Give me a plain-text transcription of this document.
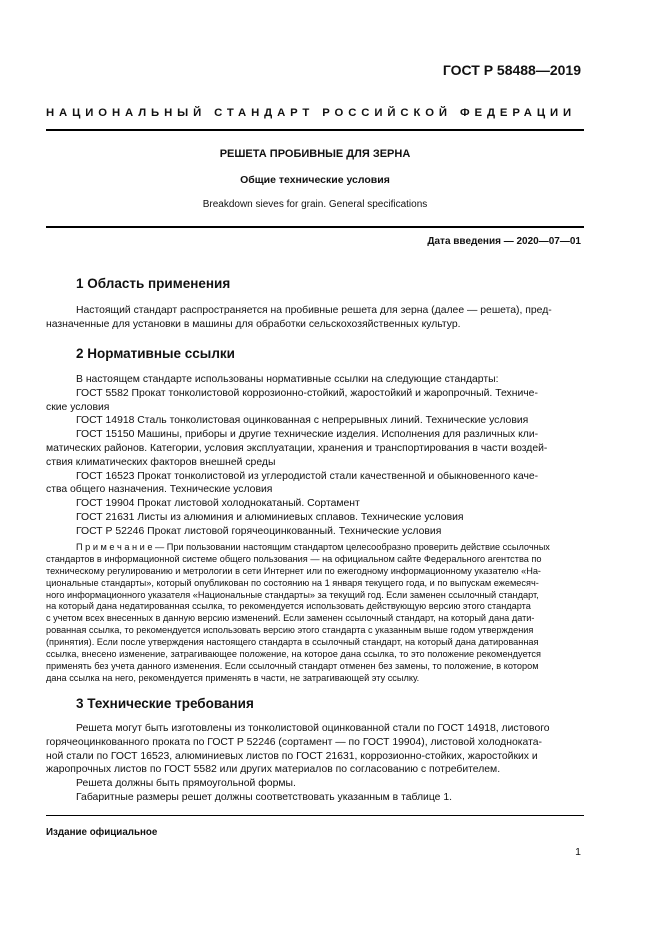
ГОСТ Р 58488—2019
НАЦИОНАЛЬНЫЙ СТАНДАРТ РОССИЙСКОЙ ФЕДЕРАЦИИ
РЕШЕТА ПРОБИВНЫЕ ДЛЯ ЗЕРНА
Общие технические условия
Breakdown sieves for grain. General specifications
Дата введения — 2020—07—01
1 Область применения
Настоящий стандарт распространяется на пробивные решета для зерна (далее — решета), пред-
назначенные для установки в машины для обработки сельскохозяйственных культур.
2 Нормативные ссылки
В настоящем стандарте использованы нормативные ссылки на следующие стандарты:
ГОСТ 5582 Прокат тонколистовой коррозионно-стойкий, жаростойкий и жаропрочный. Техниче-
ские условия
ГОСТ 14918 Сталь тонколистовая оцинкованная с непрерывных линий. Технические условия
ГОСТ 15150 Машины, приборы и другие технические изделия. Исполнения для различных кли-
матических районов. Категории, условия эксплуатации, хранения и транспортирования в части воздей-
ствия климатических факторов внешней среды
ГОСТ 16523 Прокат тонколистовой из углеродистой стали качественной и обыкновенного каче-
ства общего назначения. Технические условия
ГОСТ 19904 Прокат листовой холоднокатаный. Сортамент
ГОСТ 21631 Листы из алюминия и алюминиевых сплавов. Технические условия
ГОСТ Р 52246 Прокат листовой горячеоцинкованный. Технические условия
П р и м е ч а н и е — При пользовании настоящим стандартом целесообразно проверить действие ссылочных
стандартов в информационной системе общего пользования — на официальном сайте Федерального агентства по
техническому регулированию и метрологии в сети Интернет или по ежегодному информационному указателю «На-
циональные стандарты», который опубликован по состоянию на 1 января текущего года, и по выпускам ежемесяч-
ного информационного указателя «Национальные стандарты» за текущий год. Если заменен ссылочный стандарт,
на который дана недатированная ссылка, то рекомендуется использовать действующую версию этого стандарта
с учетом всех внесенных в данную версию изменений. Если заменен ссылочный стандарт, на который дана дати-
рованная ссылка, то рекомендуется использовать версию этого стандарта с указанным выше годом утверждения
(принятия). Если после утверждения настоящего стандарта в ссылочный стандарт, на который дана датированная
ссылка, внесено изменение, затрагивающее положение, на которое дана ссылка, то это положение рекомендуется
применять без учета данного изменения. Если ссылочный стандарт отменен без замены, то положение, в котором
дана ссылка на него, рекомендуется применять в части, не затрагивающей эту ссылку.
3 Технические требования
Решета могут быть изготовлены из тонколистовой оцинкованной стали по ГОСТ 14918, листового
горячеоцинкованного проката по ГОСТ Р 52246 (сортамент — по ГОСТ 19904), листовой холоднoката-
ной стали по ГОСТ 16523, алюминиевых листов по ГОСТ 21631, коррозионно-стойких, жаростойких и
жаропрочных листов по ГОСТ 5582 или других материалов по согласованию с потребителем.
Решета должны быть прямоугольной формы.
Габаритные размеры решет должны соответствовать указанным в таблице 1.
Издание официальное
1
